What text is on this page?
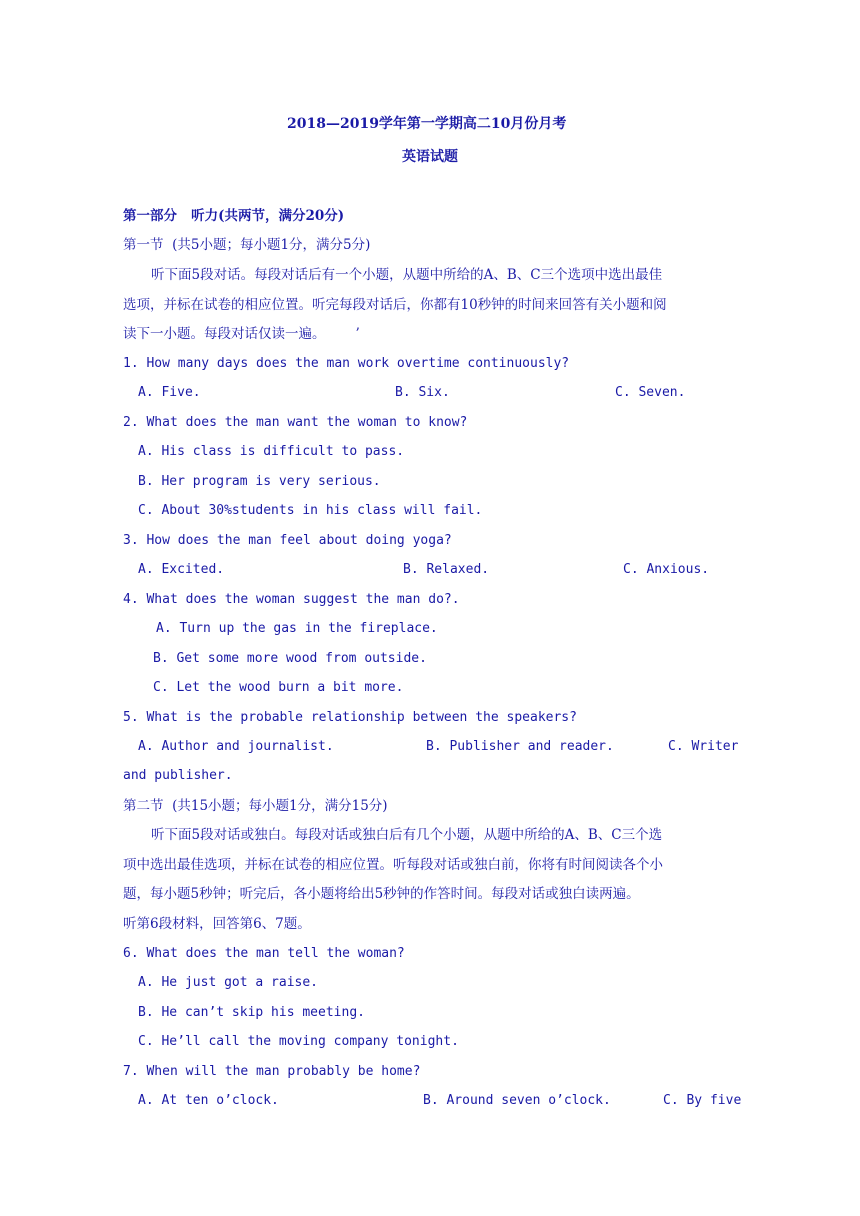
2018—2019学年第一学期高二10月份月考
英语试题
第一部分   听力(共两节，满分20分)
第一节  (共5小题；每小题1分，满分5分)
听下面5段对话。每段对话后有一个小题，从题中所给的A、B、C三个选项中选出最佳
选项，并标在试卷的相应位置。听完每段对话后，你都有10秒钟的时间来回答有关小题和阅
读下一小题。每段对话仅读一遍。       ’
1. How many days does the man work overtime continuously?
A. Five.	B. Six.	C. Seven.
2. What does the man want the woman to know?
A. His class is difficult to pass.
B. Her program is very serious.
C. About 30%students in his class will fail.
3. How does the man feel about doing yoga?
A. Excited.	B. Relaxed.	C. Anxious.
4. What does the woman suggest the man do?.
A. Turn up the gas in the fireplace.
B. Get some more wood from outside.
C. Let the wood burn a bit more.
5. What is the probable relationship between the speakers?
A. Author and journalist.	B. Publisher and reader.	C. Writer
and publisher.
第二节  (共15小题；每小题1分，满分15分)
听下面5段对话或独白。每段对话或独白后有几个小题，从题中所给的A、B、C三个选
项中选出最佳选项，并标在试卷的相应位置。听每段对话或独白前，你将有时间阅读各个小
题，每小题5秒钟；听完后，各小题将给出5秒钟的作答时间。每段对话或独白读两遍。
听第6段材料，回答第6、7题。
6. What does the man tell the woman?
A. He just got a raise.
B. He can’t skip his meeting.
C. He’ll call the moving company tonight.
7. When will the man probably be home?
A. At ten o’clock.	B. Around seven o’clock.	C. By five
